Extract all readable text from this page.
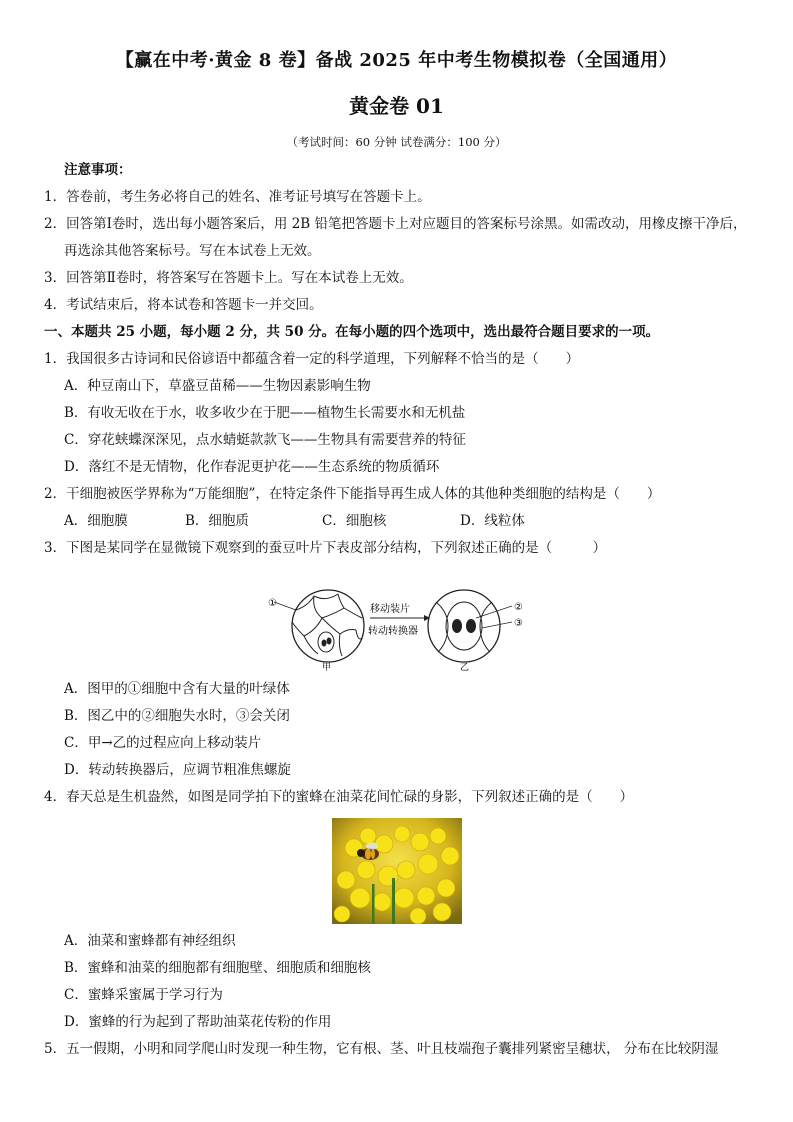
【赢在中考·黄金 8 卷】备战 2025 年中考生物模拟卷（全国通用）
黄金卷 01
（考试时间：60 分钟 试卷满分：100 分）
注意事项：
1．答卷前，考生务必将自己的姓名、准考证号填写在答题卡上。
2．回答第Ⅰ卷时，选出每小题答案后，用 2B 铅笔把答题卡上对应题目的答案标号涂黑。如需改动，用橡皮擦干净后，
再选涂其他答案标号。写在本试卷上无效。
3．回答第Ⅱ卷时，将答案写在答题卡上。写在本试卷上无效。
4．考试结束后，将本试卷和答题卡一并交回。
一、本题共 25 小题，每小题 2 分，共 50 分。在每小题的四个选项中，选出最符合题目要求的一项。
1．我国很多古诗词和民俗谚语中都蕴含着一定的科学道理，下列解释不恰当的是（　　）
A．种豆南山下，草盛豆苗稀——生物因素影响生物
B．有收无收在于水，收多收少在于肥——植物生长需要水和无机盐
C．穿花蛱蝶深深见，点水蜻蜓款款飞——生物具有需要营养的特征
D．落红不是无情物，化作春泥更护花——生态系统的物质循环
2．干细胞被医学界称为“万能细胞”，在特定条件下能指导再生成人体的其他种类细胞的结构是（　　）
A．细胞膜	B．细胞质	C．细胞核	D．线粒体
3．下图是某同学在显微镜下观察到的蚕豆叶片下表皮部分结构，下列叙述正确的是（　　　）
①
甲
移动装片
转动转换器
②
③
乙
A．图甲的①细胞中含有大量的叶绿体
B．图乙中的②细胞失水时，③会关闭
C．甲→乙的过程应向上移动装片
D．转动转换器后，应调节粗准焦螺旋
4．春天总是生机盎然，如图是同学拍下的蜜蜂在油菜花间忙碌的身影，下列叙述正确的是（　　）
A．油菜和蜜蜂都有神经组织
B．蜜蜂和油菜的细胞都有细胞壁、细胞质和细胞核
C．蜜蜂采蜜属于学习行为
D．蜜蜂的行为起到了帮助油菜花传粉的作用
5．五一假期，小明和同学爬山时发现一种生物，它有根、茎、叶且枝端孢子囊排列紧密呈穗状， 分布在比较阴湿
